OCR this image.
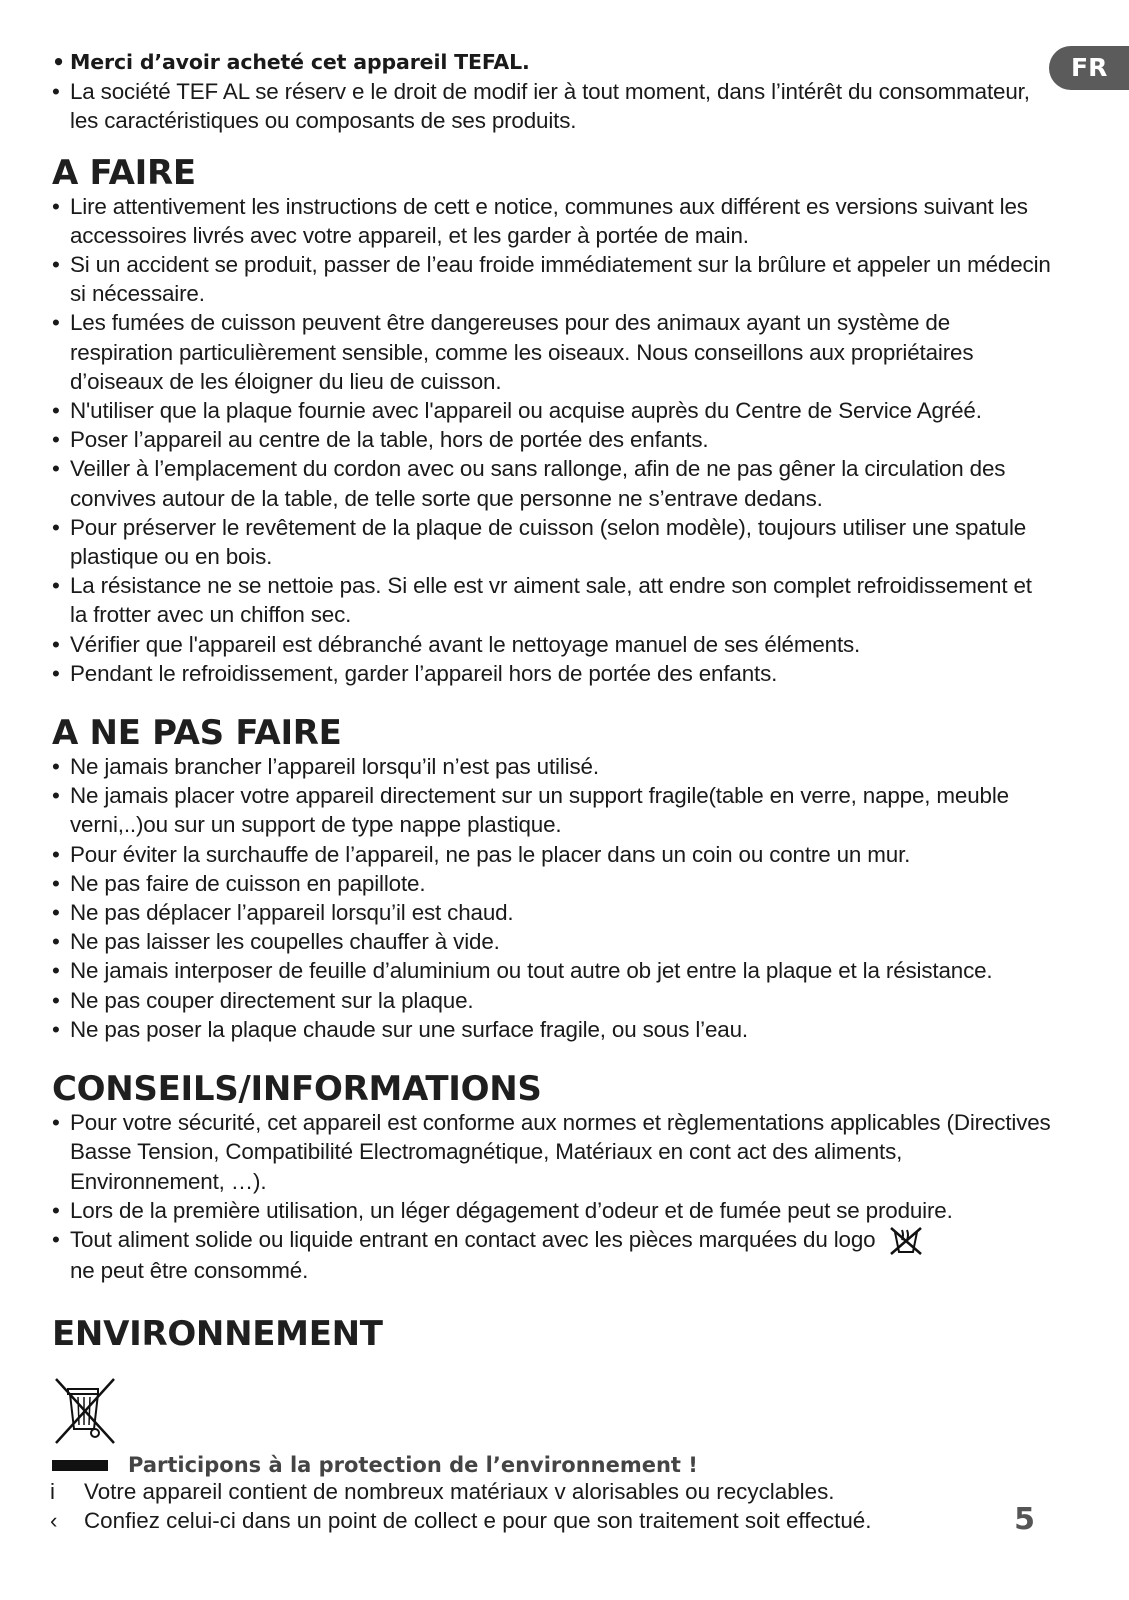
FR
• Merci d’avoir acheté cet appareil TEFAL.
• La société TEF AL se réserv e le droit de modif ier à tout moment, dans l’intérêt du consommateur, les caractéristiques ou composants de ses produits.
A FAIRE
• Lire attentivement les instructions de cett e notice, communes aux différent es versions suivant les accessoires livrés avec votre appareil, et les garder à portée de main.
• Si un accident se produit, passer de l’eau froide immédiatement sur la brûlure et appeler un médecin si nécessaire.
• Les fumées de cuisson peuvent être dangereuses pour des animaux ayant un système de respiration particulièrement sensible, comme les oiseaux. Nous conseillons aux propriétaires d’oiseaux de les éloigner du lieu de cuisson.
• N'utiliser que la plaque fournie avec l'appareil ou acquise auprès du Centre de Service Agréé.
• Poser l’appareil au centre de la table, hors de portée des enfants.
• Veiller à l’emplacement du cordon avec ou sans rallonge, afin de ne pas gêner la circulation des convives autour de la table, de telle sorte que personne ne s’entrave dedans.
• Pour préserver le revêtement de la plaque de cuisson (selon modèle), toujours utiliser une spatule plastique ou en bois.
• La résistance ne se nettoie pas. Si elle est vr aiment sale, att endre son complet refroidissement et la frotter avec un chiffon sec.
• Vérifier que l'appareil est débranché avant le nettoyage manuel de ses éléments.
• Pendant le refroidissement, garder l’appareil hors de portée des enfants.
A NE PAS FAIRE
• Ne jamais brancher l’appareil lorsqu’il n’est pas utilisé.
• Ne jamais placer votre appareil directement sur un support fragile(table en verre, nappe, meuble verni,..)ou sur un support de type nappe plastique.
• Pour éviter la surchauffe de l’appareil, ne pas le placer dans un coin ou contre un mur.
• Ne pas faire de cuisson en papillote.
• Ne pas déplacer l’appareil lorsqu’il est chaud.
• Ne pas laisser les coupelles chauffer à vide.
• Ne jamais interposer de feuille d’aluminium ou tout autre ob jet entre la plaque et la résistance.
• Ne pas couper directement sur la plaque.
• Ne pas poser la plaque chaude sur une surface fragile, ou sous l’eau.
CONSEILS/INFORMATIONS
• Pour votre sécurité, cet appareil est conforme aux normes et règlementations applicables (Directives Basse Tension, Compatibilité Electromagnétique, Matériaux en cont act des aliments, Environnement, …).
• Lors de la première utilisation, un léger dégagement d’odeur et de fumée peut se produire.
• Tout aliment solide ou liquide entrant en contact avec les pièces marquées du logo
ne peut être consommé.
ENVIRONNEMENT
Participons à la protection de l’environnement !
i	Votre appareil contient de nombreux matériaux v alorisables ou recyclables.
‹	Confiez celui-ci dans un point de collect e pour que son traitement soit effectué.	5
